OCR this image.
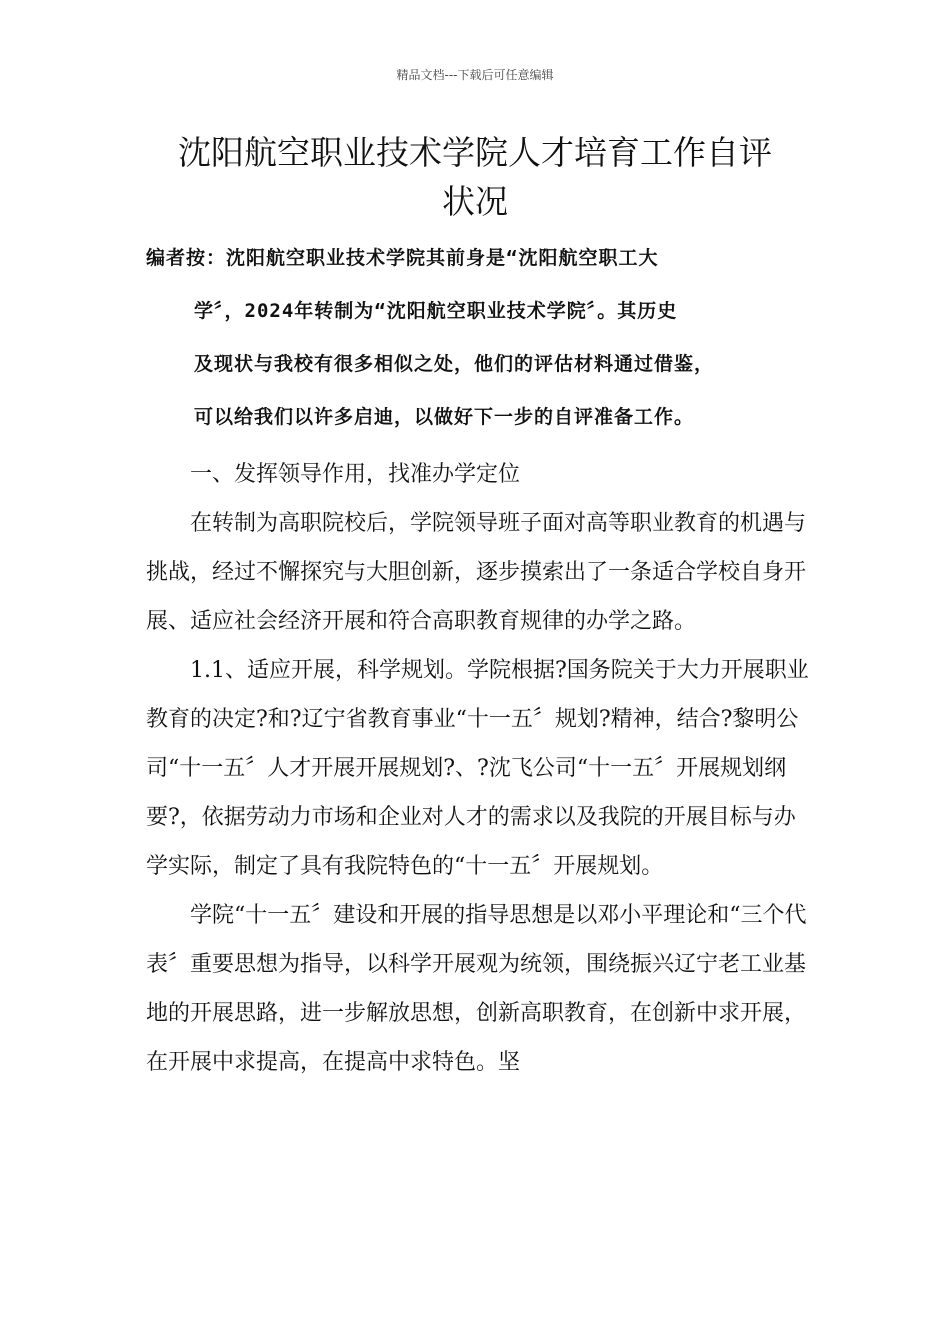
精品文档---下载后可任意编辑
沈阳航空职业技术学院人才培育工作自评
状况
编者按：沈阳航空职业技术学院其前身是“沈阳航空职工大
学〞，2024年转制为“沈阳航空职业技术学院〞。其历史
及现状与我校有很多相似之处，他们的评估材料通过借鉴，
可以给我们以许多启迪，以做好下一步的自评准备工作。

一、发挥领导作用，找准办学定位

在转制为高职院校后，学院领导班子面对高等职业教育的机遇与挑战，经过不懈探究与大胆创新，逐步摸索出了一条适合学校自身开展、适应社会经济开展和符合高职教育规律的办学之路。

1.1、适应开展，科学规划。学院根据?国务院关于大力开展职业教育的决定?和?辽宁省教育事业“十一五〞规划?精神，结合?黎明公司“十一五〞人才开展开展规划?、?沈飞公司“十一五〞开展规划纲要?，依据劳动力市场和企业对人才的需求以及我院的开展目标与办学实际，制定了具有我院特色的“十一五〞开展规划。

学院“十一五〞建设和开展的指导思想是以邓小平理论和“三个代表〞重要思想为指导，以科学开展观为统领，围绕振兴辽宁老工业基地的开展思路，进一步解放思想，创新高职教育，在创新中求开展，在开展中求提高，在提高中求特色。坚
